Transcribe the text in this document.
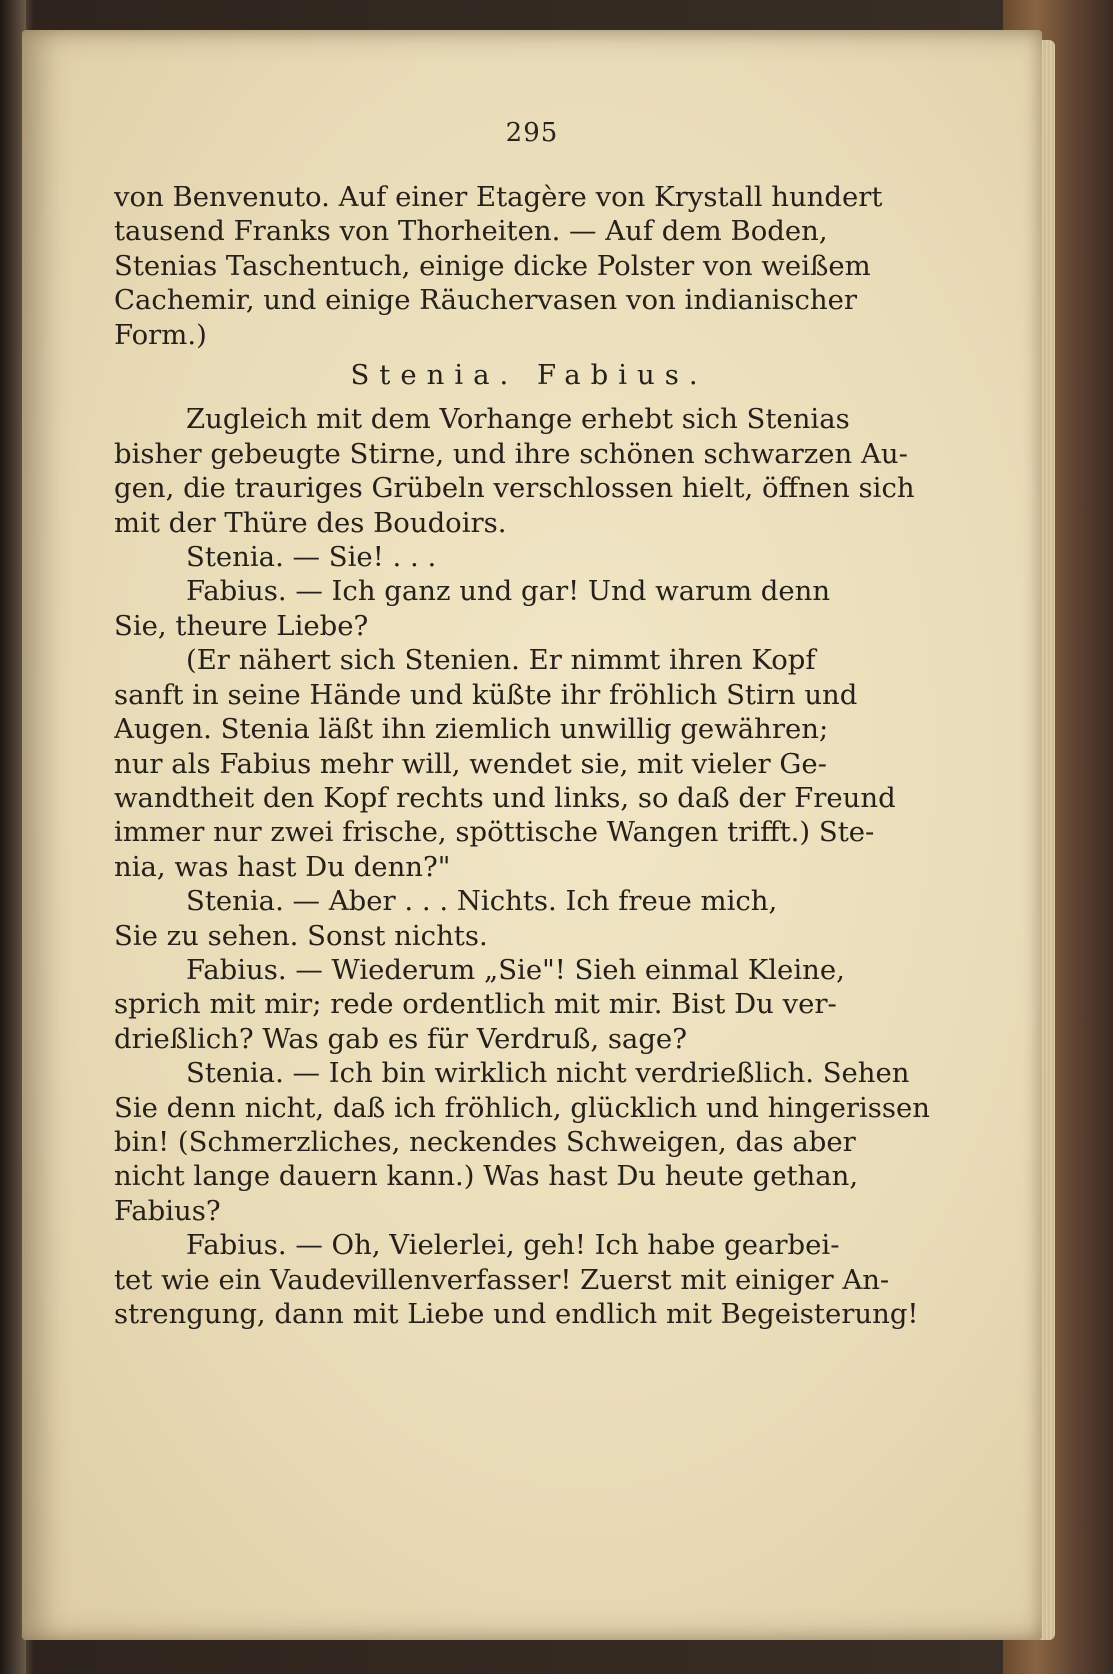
295
von Benvenuto. Auf einer Etagère von Krystall hundert
tausend Franks von Thorheiten. — Auf dem Boden,
Stenias Taschentuch, einige dicke Polster von weißem
Cachemir, und einige Räuchervasen von indianischer
Form.)
Stenia. Fabius.
Zugleich mit dem Vorhange erhebt sich Stenias
bisher gebeugte Stirne, und ihre schönen schwarzen Au-
gen, die trauriges Grübeln verschlossen hielt, öffnen sich
mit der Thüre des Boudoirs.
Stenia. — Sie! . . .
Fabius. — Ich ganz und gar! Und warum denn
Sie, theure Liebe?
(Er nähert sich Stenien. Er nimmt ihren Kopf
sanft in seine Hände und küßte ihr fröhlich Stirn und
Augen. Stenia läßt ihn ziemlich unwillig gewähren;
nur als Fabius mehr will, wendet sie, mit vieler Ge-
wandtheit den Kopf rechts und links, so daß der Freund
immer nur zwei frische, spöttische Wangen trifft.) Ste-
nia, was hast Du denn?"
Stenia. — Aber . . . Nichts. Ich freue mich,
Sie zu sehen. Sonst nichts.
Fabius. — Wiederum „Sie"! Sieh einmal Kleine,
sprich mit mir; rede ordentlich mit mir. Bist Du ver-
drießlich? Was gab es für Verdruß, sage?
Stenia. — Ich bin wirklich nicht verdrießlich. Sehen
Sie denn nicht, daß ich fröhlich, glücklich und hingerissen
bin! (Schmerzliches, neckendes Schweigen, das aber
nicht lange dauern kann.) Was hast Du heute gethan,
Fabius?
Fabius. — Oh, Vielerlei, geh! Ich habe gearbei-
tet wie ein Vaudevillenverfasser! Zuerst mit einiger An-
strengung, dann mit Liebe und endlich mit Begeisterung!
